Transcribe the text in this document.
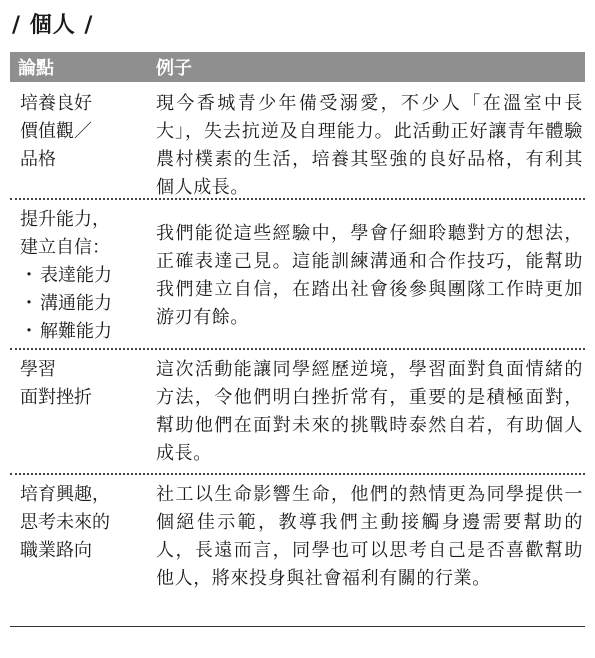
/ 個人 /
論點	例子
培養良好
價值觀／
品格
現今香城青少年備受溺愛，不少人「在溫室中長大」，失去抗逆及自理能力。此活動正好讓青年體驗農村樸素的生活，培養其堅強的良好品格，有利其個人成長。
提升能力，
建立自信：
・ 表達能力
・ 溝通能力
・ 解難能力
我們能從這些經驗中，學會仔細聆聽對方的想法，正確表達己見。這能訓練溝通和合作技巧，能幫助我們建立自信，在踏出社會後參與團隊工作時更加游刃有餘。
學習
面對挫折
這次活動能讓同學經歷逆境，學習面對負面情緒的方法，令他們明白挫折常有，重要的是積極面對，幫助他們在面對未來的挑戰時泰然自若，有助個人成長。
培育興趣，
思考未來的
職業路向
社工以生命影響生命，他們的熱情更為同學提供一個絕佳示範，教導我們主動接觸身邊需要幫助的人，長遠而言，同學也可以思考自己是否喜歡幫助他人，將來投身與社會福利有關的行業。
